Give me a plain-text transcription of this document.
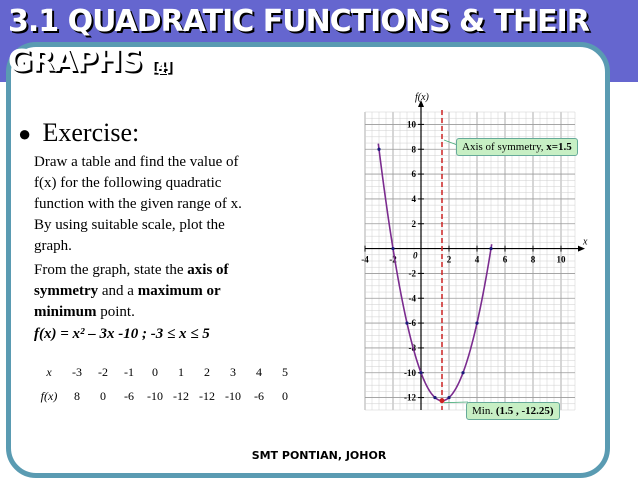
3.1 QUADRATIC FUNCTIONS & THEIR
GRAPHS [4]
● Exercise:
Draw a table and find the value of
f(x) for the following quadratic
function with the given range of x.
By using suitable scale, plot the
graph.
From the graph, state the axis of
symmetry and a maximum or
minimum point.
f(x) = x² – 3x -10 ; -3 ≤ x ≤ 5
x	-3	-2	-1	0	1	2	3	4	5
f(x)	8	0	-6	-10	-12	-12	-10	-6	0
x
f(x)
0
-4 -2	2	4	6	8 10
10
8
6
4
2
-2
-4
-6
-8
-10
-12
Axis of symmetry, x=1.5
Min. (1.5 , -12.25)
SMT PONTIAN, JOHOR
